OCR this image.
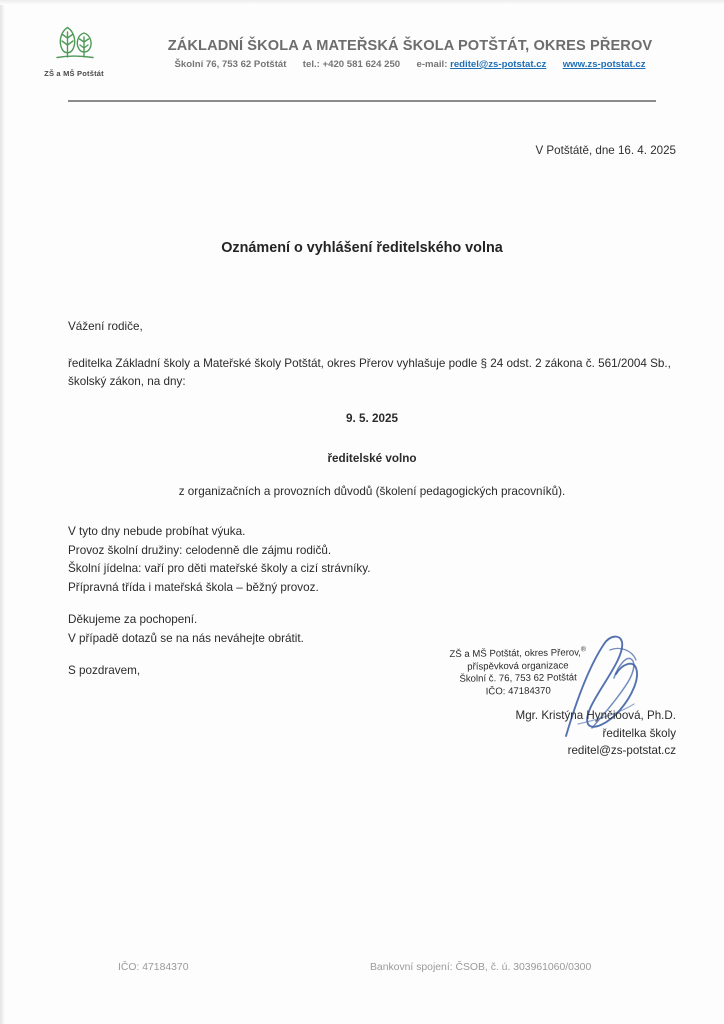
ZŠ a MŠ Potštát
ZÁKLADNÍ ŠKOLA A MATEŘSKÁ ŠKOLA POTŠTÁT, OKRES PŘEROV
Školní 76, 753 62 Potštát tel.: +420 581 624 250 e-mail: reditel@zs-potstat.cz www.zs-potstat.cz
V Potštátě, dne 16. 4. 2025
Oznámení o vyhlášení ředitelského volna

Vážení rodiče,

ředitelka Základní školy a Mateřské školy Potštát, okres Přerov vyhlašuje podle § 24 odst. 2 zákona č. 561/2004 Sb., školský zákon, na dny:

9. 5. 2025

ředitelské volno

z organizačních a provozních důvodů (školení pedagogických pracovníků).

V tyto dny nebude probíhat výuka.

Provoz školní družiny: celodenně dle zájmu rodičů.

Školní jídelna: vaří pro děti mateřské školy a cizí strávníky.

Přípravná třída i mateřská škola – běžný provoz.

Děkujeme za pochopení.

V případě dotazů se na nás neváhejte obrátit.

S pozdravem,

ZŠ a MŠ Potštát, okres Přerov,®
příspěvková organizace
Školní č. 76, 753 62 Potštát
IČO: 47184370
Mgr. Kristýna Hynčioová, Ph.D.
ředitelka školy
reditel@zs-potstat.cz
IČO: 47184370	Bankovní spojení: ČSOB, č. ú. 303961060/0300
